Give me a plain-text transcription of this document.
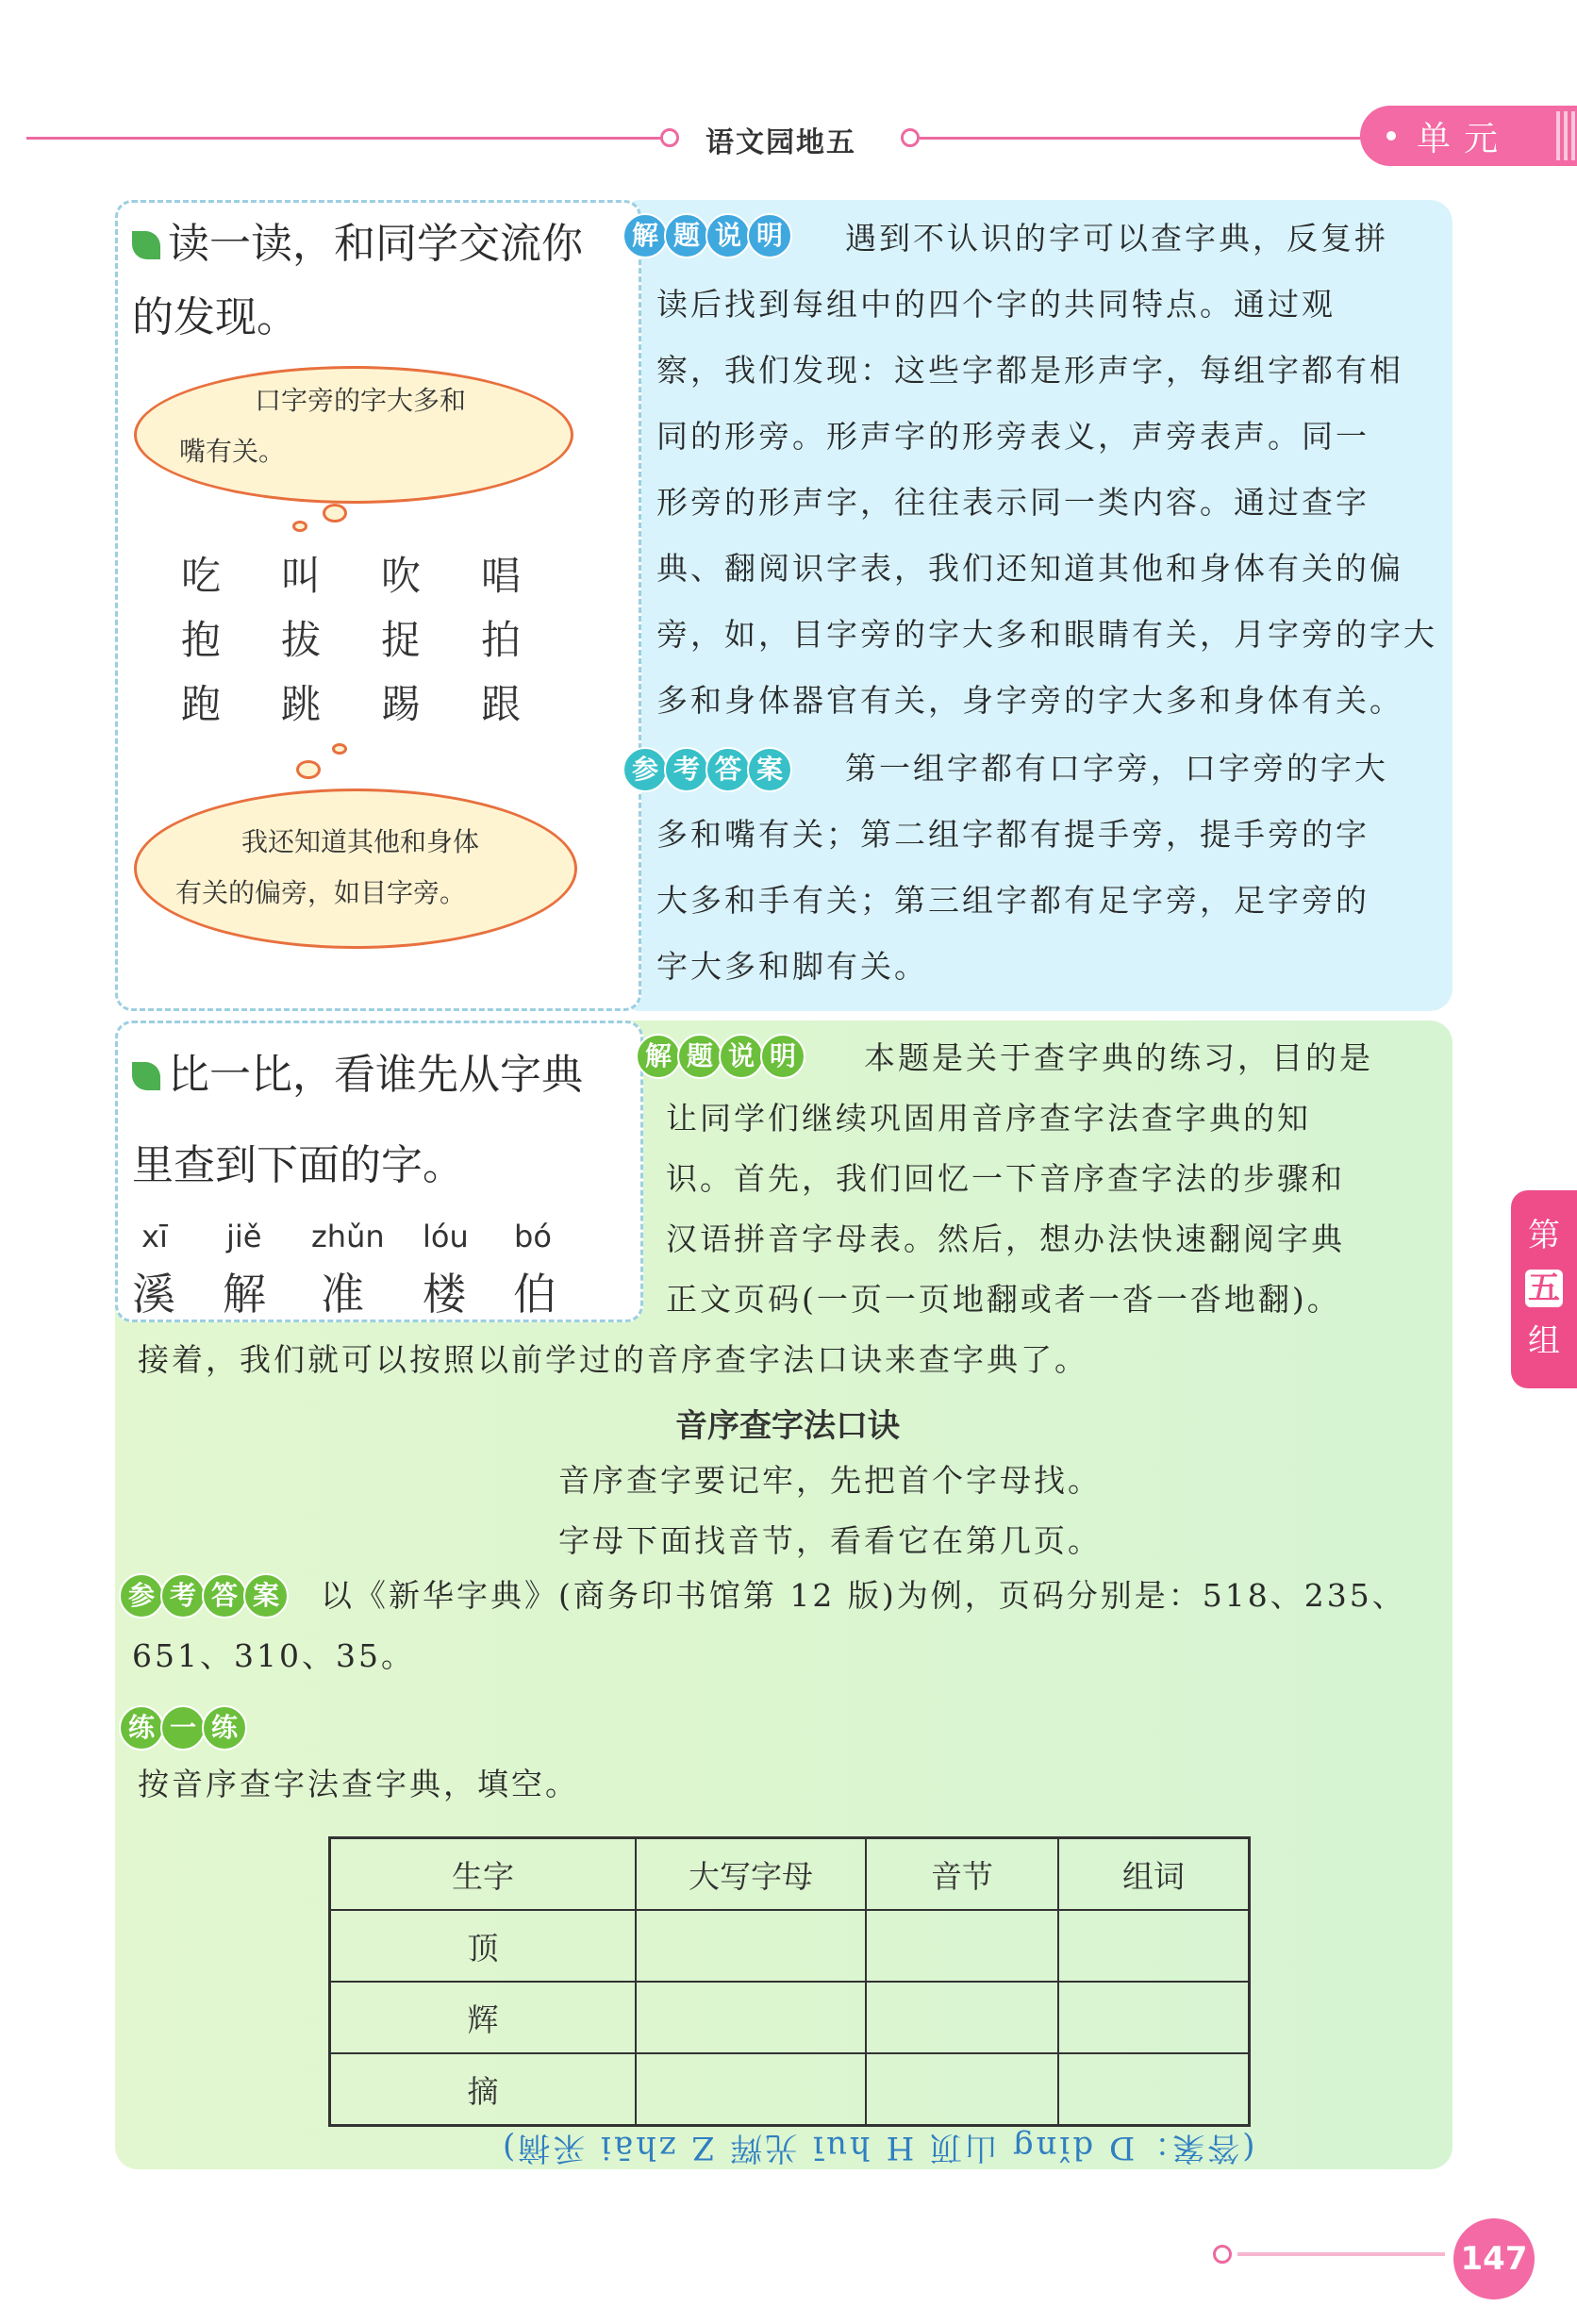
语文园地五	单元
读一读，和同学交流你
的发现。
口字旁的字大多和
嘴有关。
吃 叫 吹 唱
抱 拔 捉 拍
跑 跳 踢 跟
我还知道其他和身体
有关的偏旁，如目字旁。
解 题 说 明	遇到不认识的字可以查字典，反复拼
读后找到每组中的四个字的共同特点。通过观
察，我们发现：这些字都是形声字，每组字都有相
同的形旁。形声字的形旁表义，声旁表声。同一
形旁的形声字，往往表示同一类内容。通过查字
典、翻阅识字表，我们还知道其他和身体有关的偏
旁，如，目字旁的字大多和眼睛有关，月字旁的字大
多和身体器官有关，身字旁的字大多和身体有关。
参 考 答 案	第一组字都有口字旁，口字旁的字大
多和嘴有关；第二组字都有提手旁，提手旁的字
大多和手有关；第三组字都有足字旁，足字旁的
字大多和脚有关。
比一比，看谁先从字典
里查到下面的字。
xī jiě zhǔn lóu bó
溪 解 准 楼 伯
解 题 说 明	本题是关于查字典的练习，目的是
让同学们继续巩固用音序查字法查字典的知
识。首先，我们回忆一下音序查字法的步骤和
汉语拼音字母表。然后，想办法快速翻阅字典
正文页码(一页一页地翻或者一沓一沓地翻)。
接着，我们就可以按照以前学过的音序查字法口诀来查字典了。
音序查字法口诀
音序查字要记牢，先把首个字母找。
字母下面找音节，看看它在第几页。
参 考 答 案	以《新华字典》(商务印书馆第 12 版)为例，页码分别是：518、235、
651、310、35。
练 一 练
按音序查字法查字典，填空。
生字	大写字母	音节	组词
顶			
辉			
摘			
(答案：D dǐng 山顶 H huī 光辉 Z zhāi 采摘)
第
五
组
147
